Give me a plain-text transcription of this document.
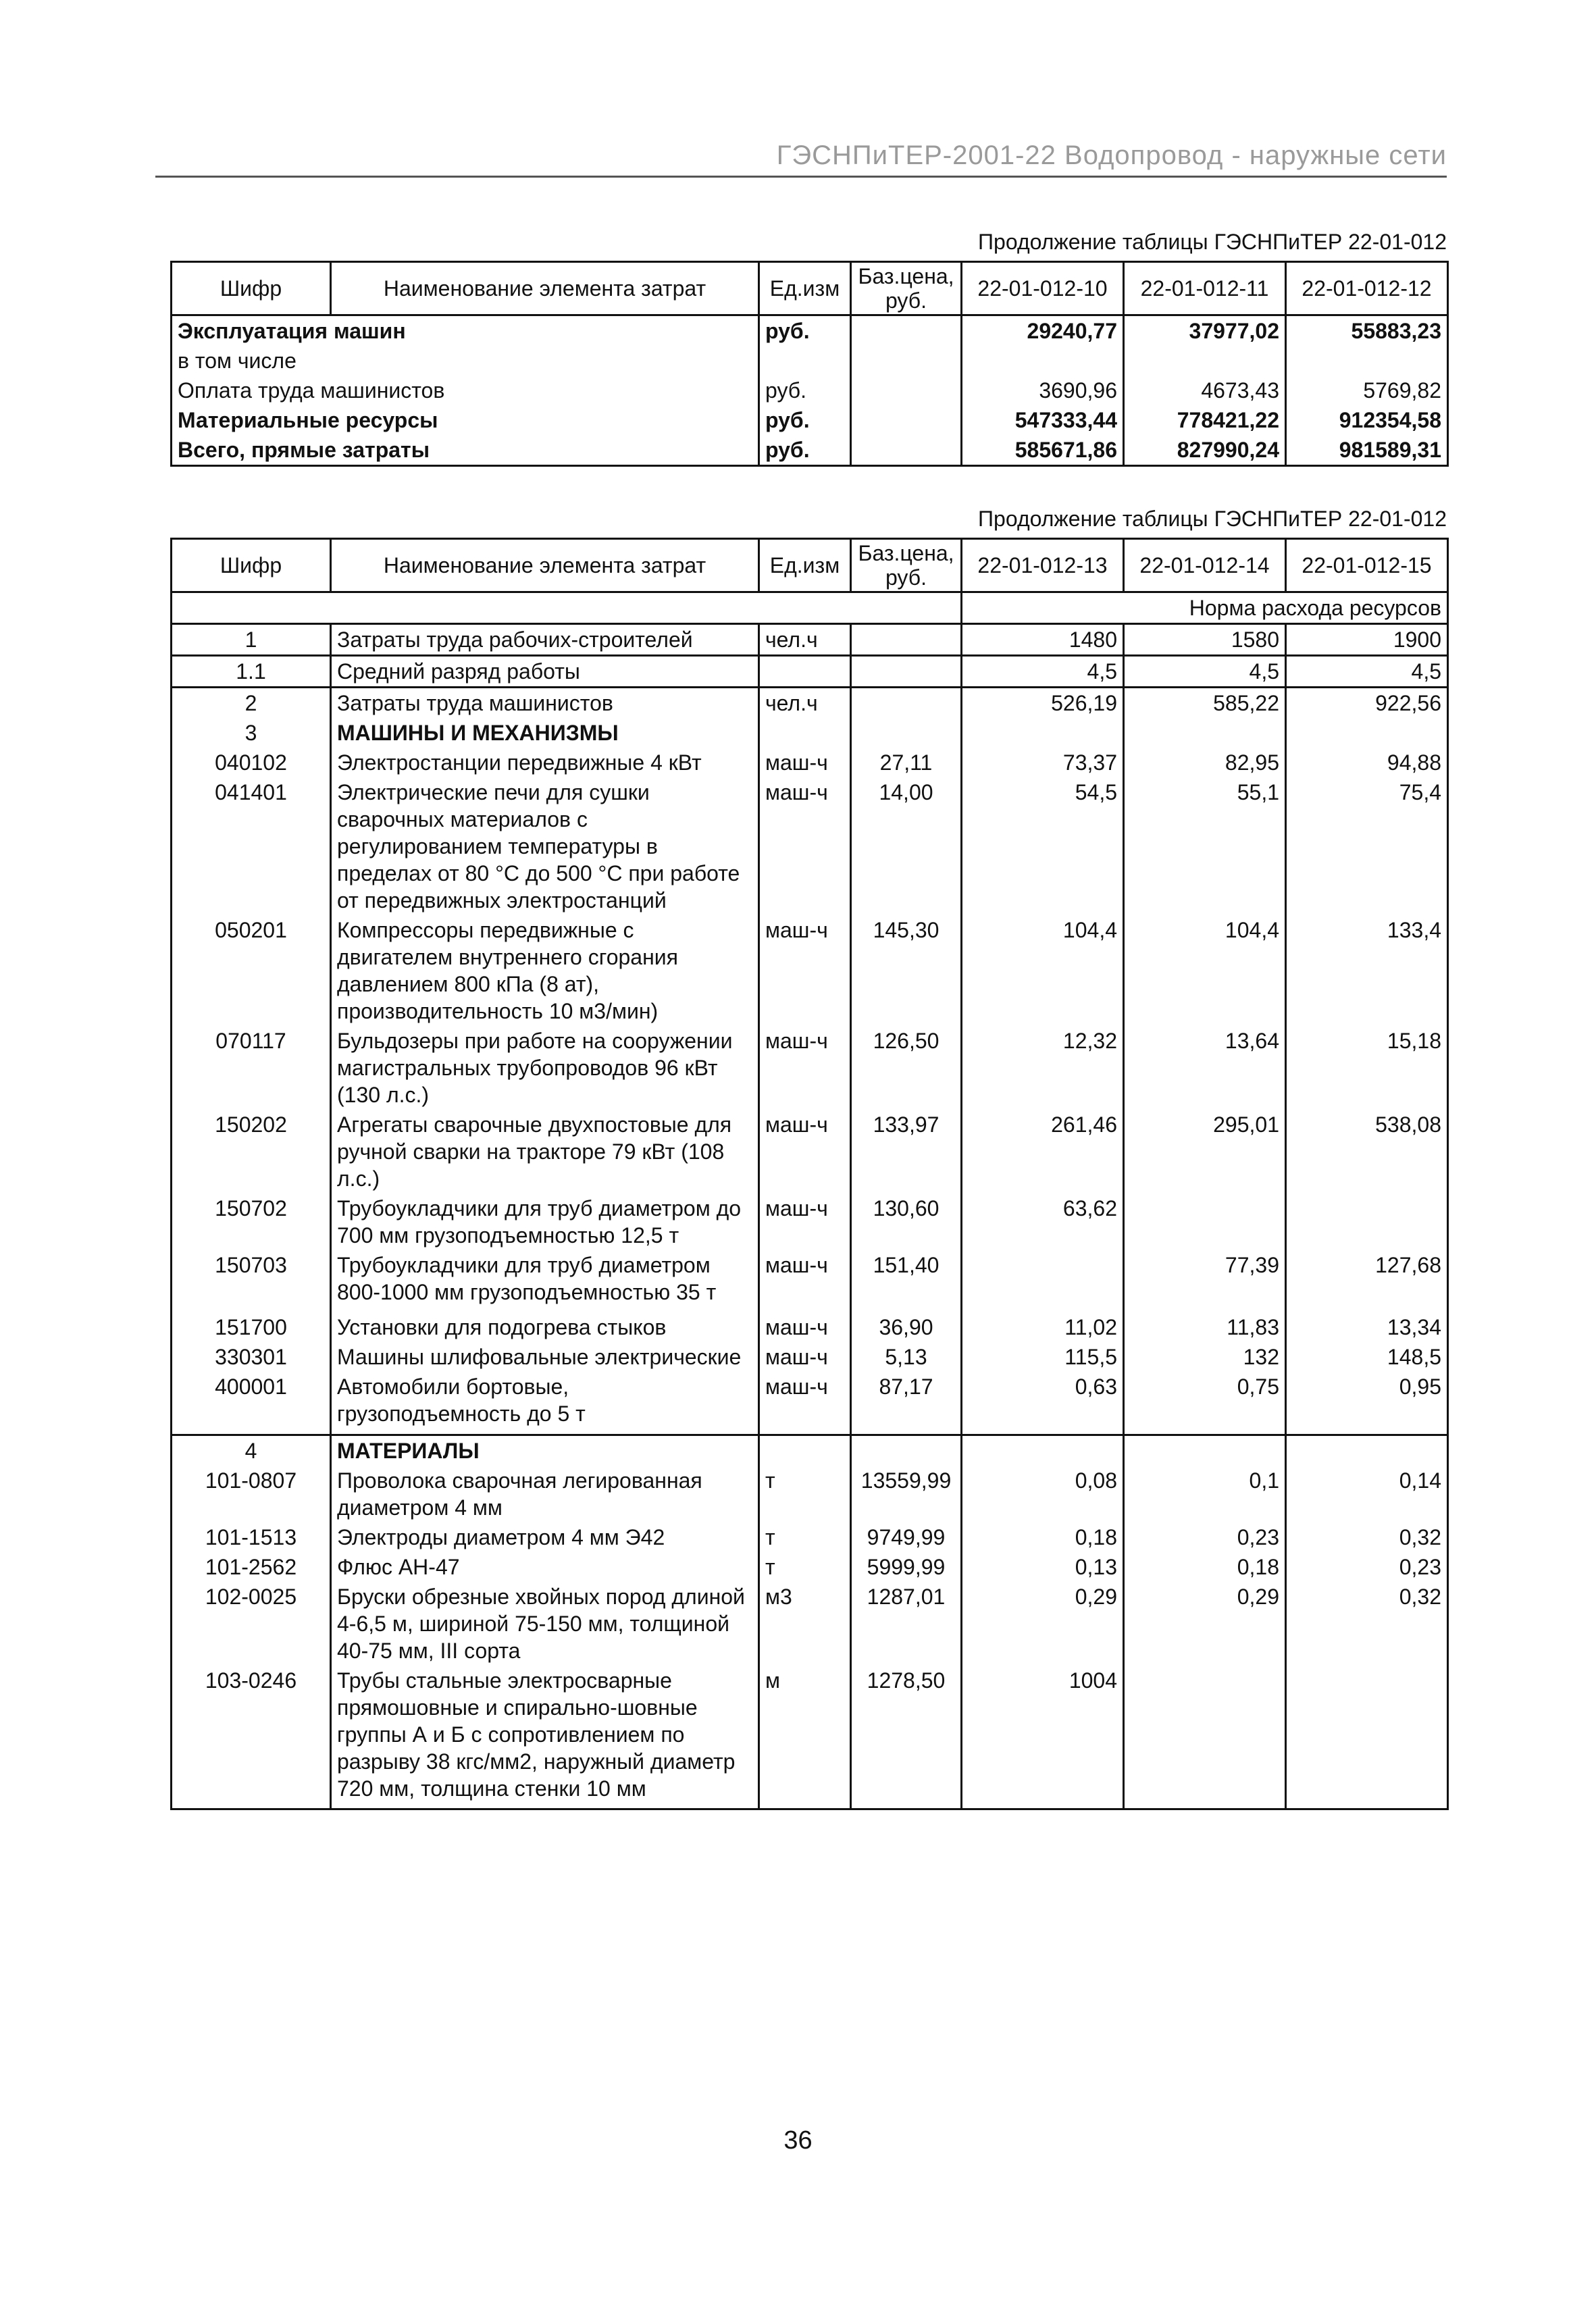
ГЭСНПиТЕР-2001-22 Водопровод - наружные сети
Продолжение таблицы ГЭСНПиТЕР 22-01-012
Шифр	Наименование элемента затрат	Ед.изм	Баз.цена, руб.	22-01-012-10	22-01-012-11	22-01-012-12
Эксплуатация машин		руб.		29240,77	37977,02	55883,23
в том числе						
Оплата труда машинистов		руб.		3690,96	4673,43	5769,82
Материальные ресурсы		руб.		547333,44	778421,22	912354,58
Всего, прямые затраты		руб.		585671,86	827990,24	981589,31
Продолжение таблицы ГЭСНПиТЕР 22-01-012
Шифр	Наименование элемента затрат	Ед.изм	Баз.цена, руб.	22-01-012-13	22-01-012-14	22-01-012-15
				Норма расхода ресурсов		
1	Затраты труда рабочих-строителей	чел.ч		1480	1580	1900
1.1	Средний разряд работы			4,5	4,5	4,5
2	Затраты труда машинистов	чел.ч		526,19	585,22	922,56
3	МАШИНЫ И МЕХАНИЗМЫ					
040102	Электростанции передвижные 4 кВт	маш-ч	27,11	73,37	82,95	94,88
041401	Электрические печи для сушки сварочных материалов с регулированием температуры в пределах от 80 °С до 500 °С при работе от передвижных электростанций	маш-ч	14,00	54,5	55,1	75,4
050201	Компрессоры передвижные с двигателем внутреннего сгорания давлением 800 кПа (8 ат), производительность 10 м3/мин)	маш-ч	145,30	104,4	104,4	133,4
070117	Бульдозеры при работе на сооружении магистральных трубопроводов 96 кВт (130 л.с.)	маш-ч	126,50	12,32	13,64	15,18
150202	Агрегаты сварочные двухпостовые для ручной сварки на тракторе 79 кВт (108 л.с.)	маш-ч	133,97	261,46	295,01	538,08
150702	Трубоукладчики для труб диаметром до 700 мм грузоподъемностью 12,5 т	маш-ч	130,60	63,62		
150703	Трубоукладчики для труб диаметром 800-1000 мм грузоподъемностью 35 т	маш-ч	151,40		77,39	127,68
151700	Установки для подогрева стыков	маш-ч	36,90	11,02	11,83	13,34
330301	Машины шлифовальные электрические	маш-ч	5,13	115,5	132	148,5
400001	Автомобили бортовые, грузоподъемность до 5 т	маш-ч	87,17	0,63	0,75	0,95
4	МАТЕРИАЛЫ					
101-0807	Проволока сварочная легированная диаметром 4 мм	т	13559,99	0,08	0,1	0,14
101-1513	Электроды диаметром 4 мм Э42	т	9749,99	0,18	0,23	0,32
101-2562	Флюс АН-47	т	5999,99	0,13	0,18	0,23
102-0025	Бруски обрезные хвойных пород длиной 4-6,5 м, шириной 75-150 мм, толщиной 40-75 мм, III сорта	м3	1287,01	0,29	0,29	0,32
103-0246	Трубы стальные электросварные прямошовные и спирально-шовные группы А и Б с сопротивлением по разрыву 38 кгс/мм2, наружный диаметр 720 мм, толщина стенки 10 мм	м	1278,50	1004		
36
